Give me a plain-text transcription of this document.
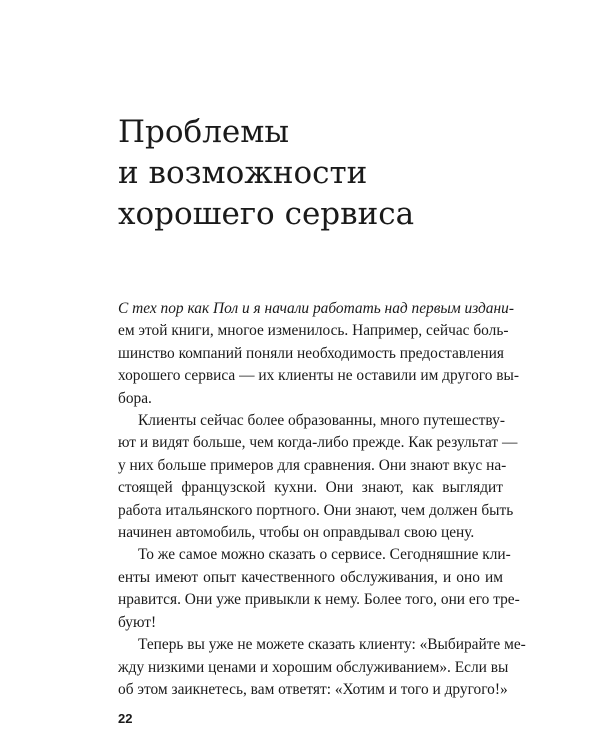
Проблемы
и возможности
хорошего сервиса
С тех пор как Пол и я начали работать над первым издани-
ем этой книги, многое изменилось. Например, сейчас боль-
шинство компаний поняли необходимость предоставления
хорошего сервиса — их клиенты не оставили им другого вы-
бора.
Клиенты сейчас более образованны, много путешеству-
ют и видят больше, чем когда-либо прежде. Как результат —
у них больше примеров для сравнения. Они знают вкус на-
стоящей французской кухни. Они знают, как выглядит
работа итальянского портного. Они знают, чем должен быть
начинен автомобиль, чтобы он оправдывал свою цену.
То же самое можно сказать о сервисе. Сегодняшние кли-
енты имеют опыт качественного обслуживания, и оно им
нравится. Они уже привыкли к нему. Более того, они его тре-
буют!
Теперь вы уже не можете сказать клиенту: «Выбирайте ме-
жду низкими ценами и хорошим обслуживанием». Если вы
об этом заикнетесь, вам ответят: «Хотим и того и другого!»

22
